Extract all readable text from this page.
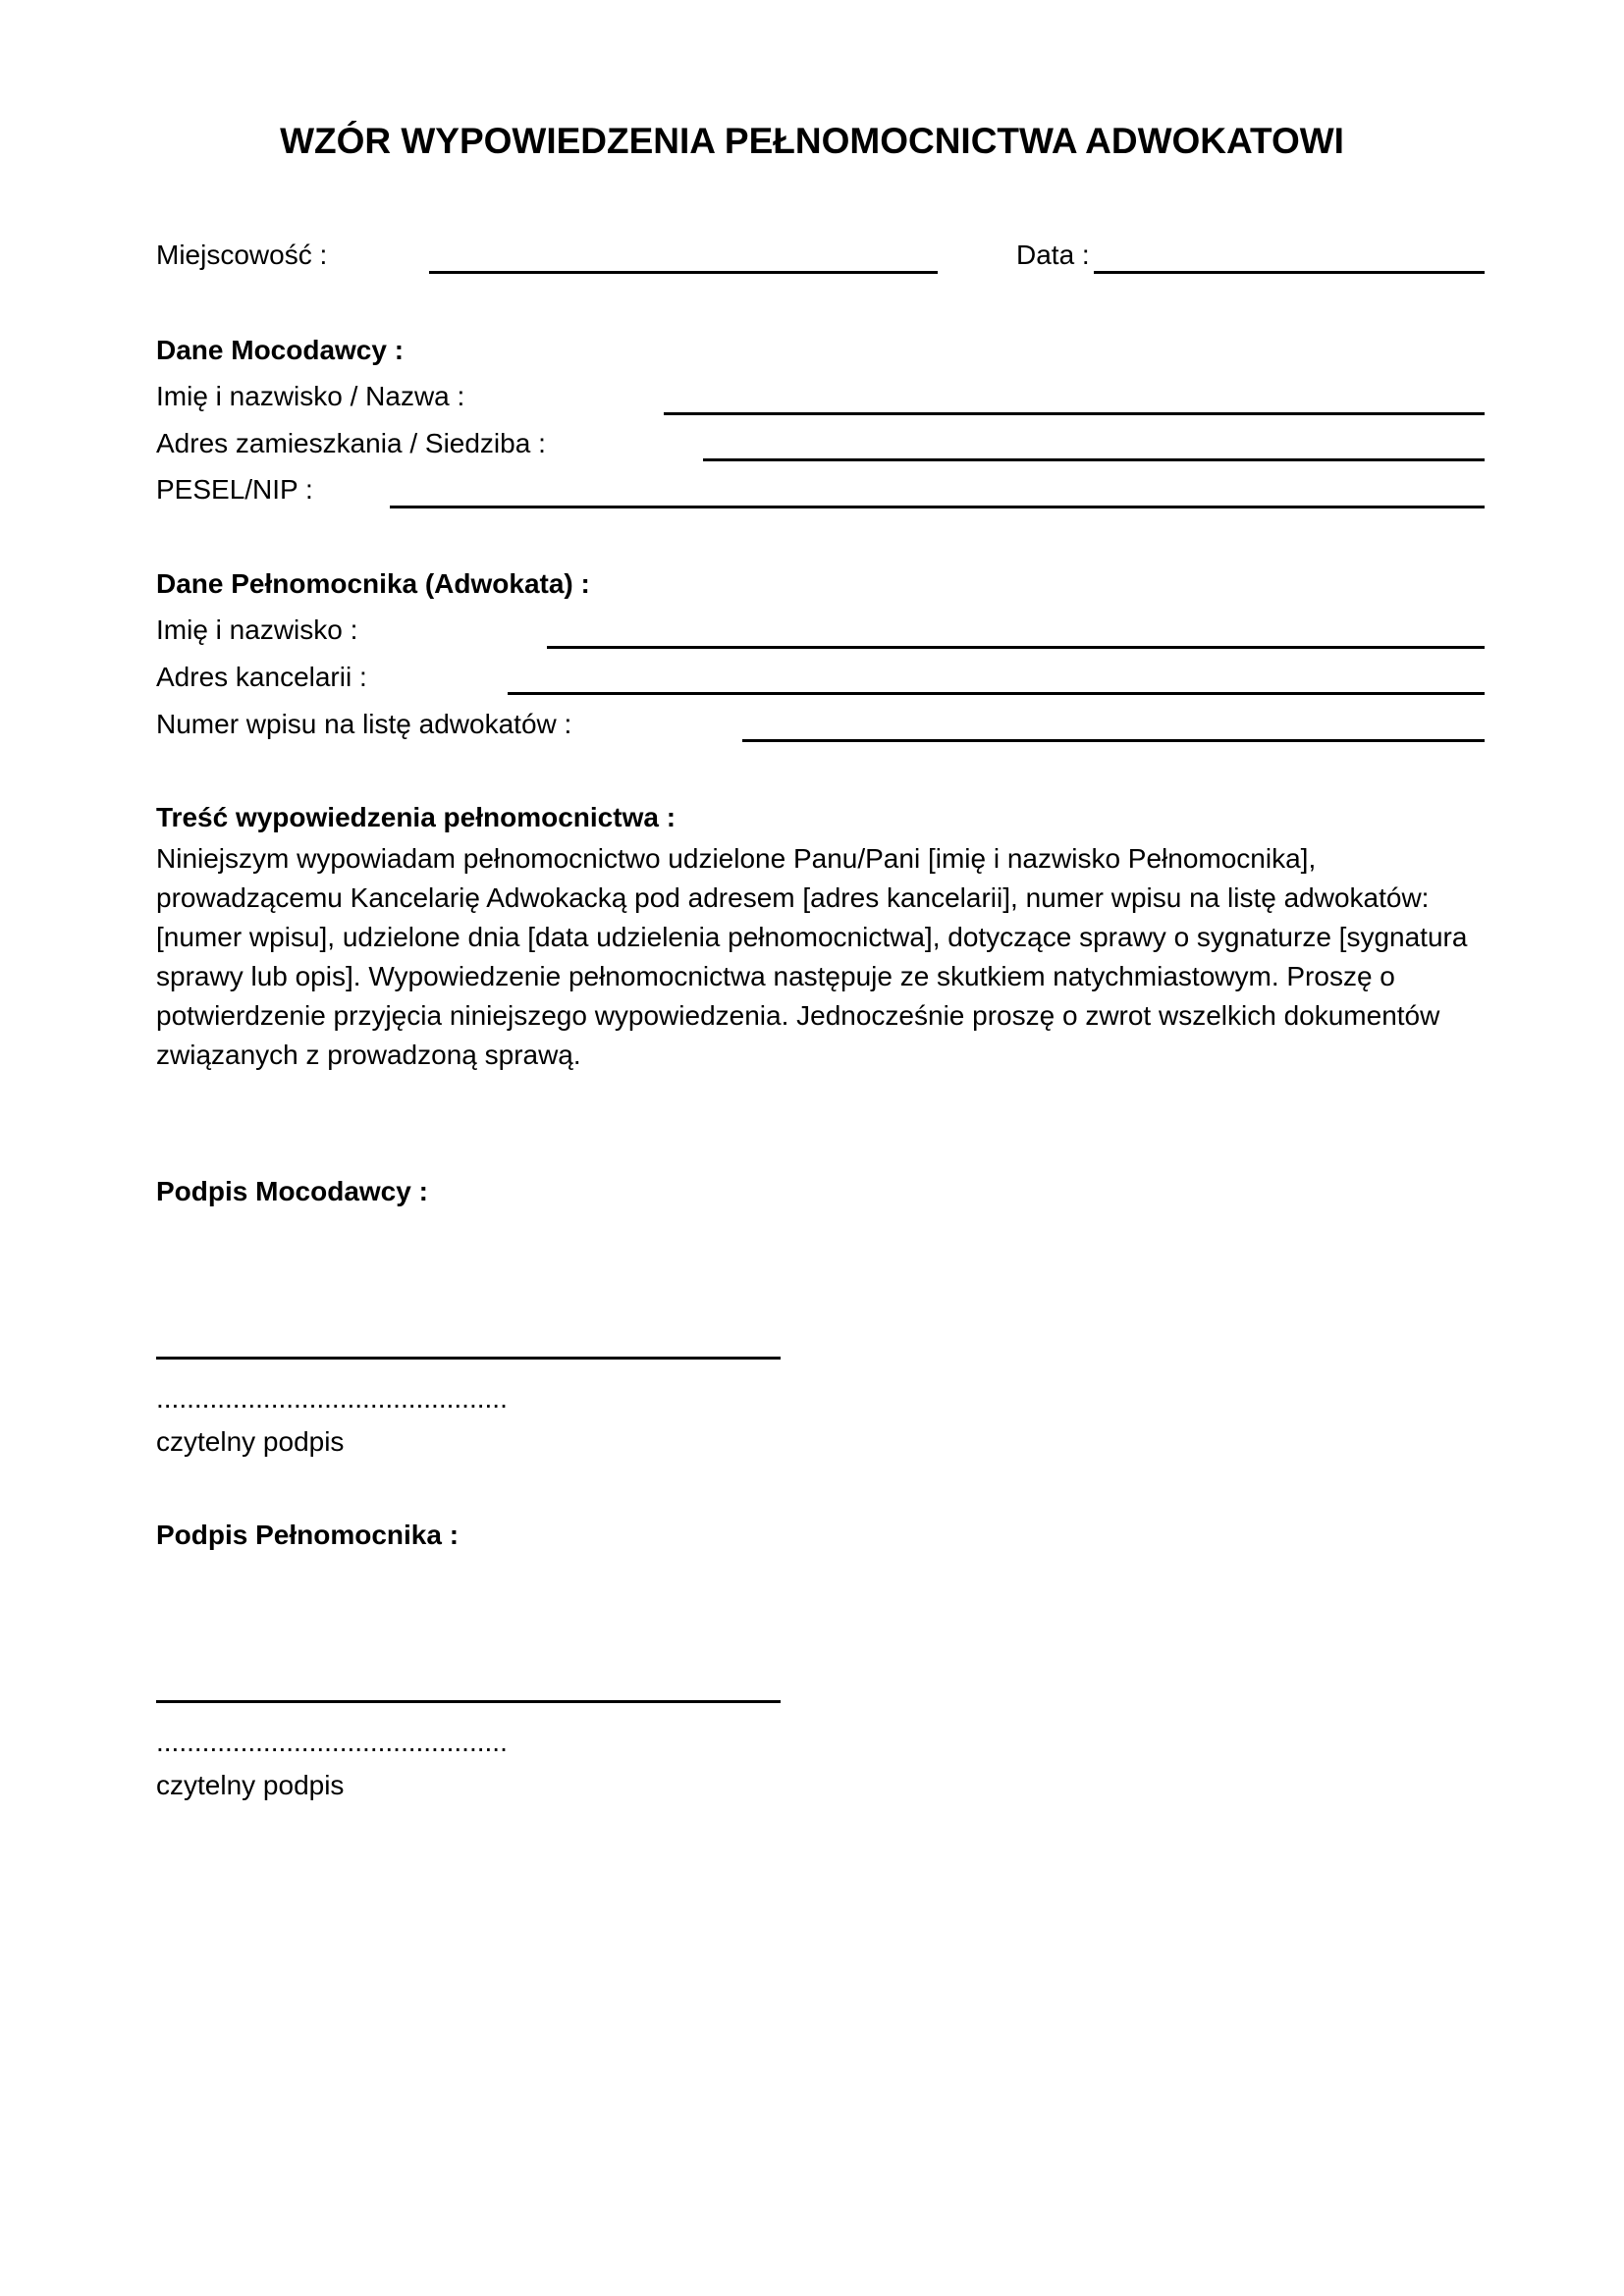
WZÓR WYPOWIEDZENIA PEŁNOMOCNICTWA ADWOKATOWI
Miejscowość :	Data :
Dane Mocodawcy :
Imię i nazwisko / Nazwa :
Adres zamieszkania / Siedziba :
PESEL/NIP :
Dane Pełnomocnika (Adwokata) :
Imię i nazwisko :
Adres kancelarii :
Numer wpisu na listę adwokatów :
Treść wypowiedzenia pełnomocnictwa :
Niniejszym wypowiadam pełnomocnictwo udzielone Panu/Pani [imię i nazwisko Pełnomocnika],
prowadzącemu Kancelarię Adwokacką pod adresem [adres kancelarii], numer wpisu na listę adwokatów:
[numer wpisu], udzielone dnia [data udzielenia pełnomocnictwa], dotyczące sprawy o sygnaturze [sygnatura
sprawy lub opis]. Wypowiedzenie pełnomocnictwa następuje ze skutkiem natychmiastowym. Proszę o
potwierdzenie przyjęcia niniejszego wypowiedzenia. Jednocześnie proszę o zwrot wszelkich dokumentów
związanych z prowadzoną sprawą.
Podpis Mocodawcy :
..............................................
czytelny podpis
Podpis Pełnomocnika :
..............................................
czytelny podpis
